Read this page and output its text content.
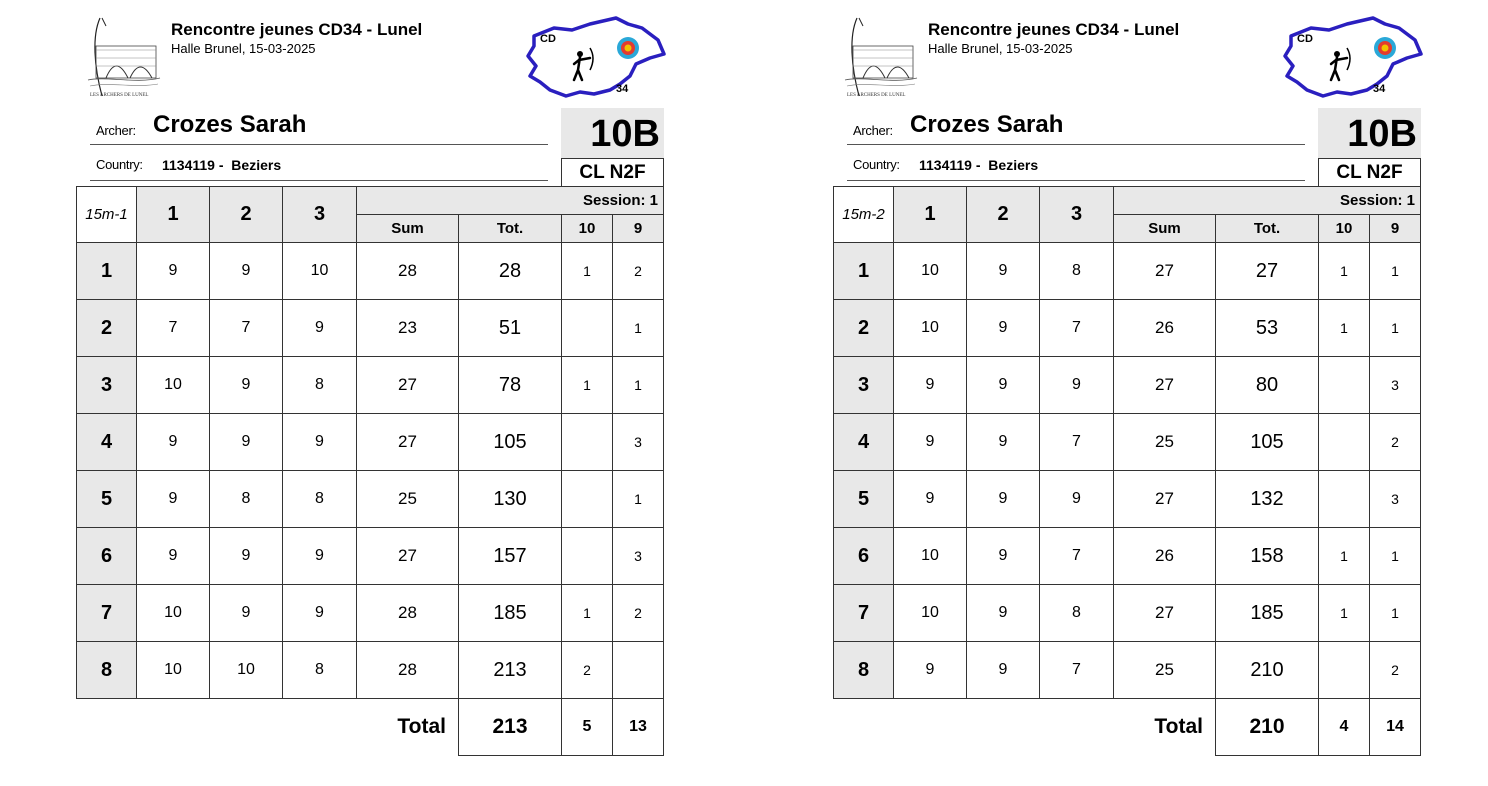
LES ARCHERS DE LUNEL
Rencontre jeunes CD34 - Lunel
Halle Brunel, 15-03-2025
CD
34
Archer: Crozes Sarah
Country: 1134119 - Beziers
10B
CL N2F
15m-1	1	2	3	Session: 1			
				Sum	Tot.	10	9
1	9	9	10	28	28	1	2
2	7	7	9	23	51		1
3	10	9	8	27	78	1	1
4	9	9	9	27	105		3
5	9	8	8	25	130		1
6	9	9	9	27	157		3
7	10	9	9	28	185	1	2
8	10	10	8	28	213	2	
				Total	213	5	13
LES ARCHERS DE LUNEL
Rencontre jeunes CD34 - Lunel
Halle Brunel, 15-03-2025
CD
34
Archer: Crozes Sarah
Country: 1134119 - Beziers
10B
CL N2F
15m-2	1	2	3	Session: 1			
				Sum	Tot.	10	9
1	10	9	8	27	27	1	1
2	10	9	7	26	53	1	1
3	9	9	9	27	80		3
4	9	9	7	25	105		2
5	9	9	9	27	132		3
6	10	9	7	26	158	1	1
7	10	9	8	27	185	1	1
8	9	9	7	25	210		2
				Total	210	4	14
